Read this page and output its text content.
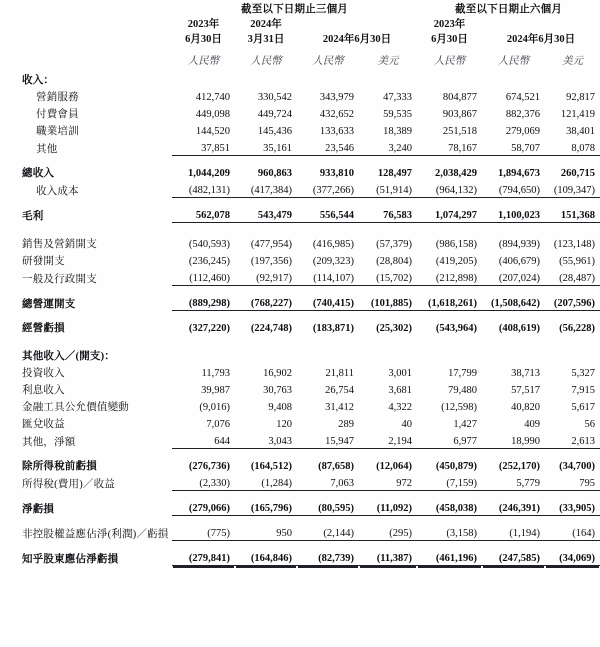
	截至以下日期止三個月				截至以下日期止六個月		
	2023年	2024年			2023年		
	6月30日	3月31日	2024年6月30日		6月30日	2024年6月30日	
	人民幣	人民幣	人民幣	美元	人民幣	人民幣	美元
收入：							
營銷服務	412,740	330,542	343,979	47,333	804,877	674,521	92,817
付費會員	449,098	449,724	432,652	59,535	903,867	882,376	121,419
職業培訓	144,520	145,436	133,633	18,389	251,518	279,069	38,401
其他	37,851	35,161	23,546	3,240	78,167	58,707	8,078

總收入	1,044,209	960,863	933,810	128,497	2,038,429	1,894,673	260,715
收入成本	(482,131)	(417,384)	(377,266)	(51,914)	(964,132)	(794,650)	(109,347)

毛利	562,078	543,479	556,544	76,583	1,074,297	1,100,023	151,368

銷售及營銷開支	(540,593)	(477,954)	(416,985)	(57,379)	(986,158)	(894,939)	(123,148)
研發開支	(236,245)	(197,356)	(209,323)	(28,804)	(419,205)	(406,679)	(55,961)
一般及行政開支	(112,460)	(92,917)	(114,107)	(15,702)	(212,898)	(207,024)	(28,487)

總營運開支	(889,298)	(768,227)	(740,415)	(101,885)	(1,618,261)	(1,508,642)	(207,596)

經營虧損	(327,220)	(224,748)	(183,871)	(25,302)	(543,964)	(408,619)	(56,228)

其他收入／(開支)：							
投資收入	11,793	16,902	21,811	3,001	17,799	38,713	5,327
利息收入	39,987	30,763	26,754	3,681	79,480	57,517	7,915
金融工具公允價值變動	(9,016)	9,408	31,412	4,322	(12,598)	40,820	5,617
匯兌收益	7,076	120	289	40	1,427	409	56
其他，淨額	644	3,043	15,947	2,194	6,977	18,990	2,613

除所得稅前虧損	(276,736)	(164,512)	(87,658)	(12,064)	(450,879)	(252,170)	(34,700)
所得稅(費用)／收益	(2,330)	(1,284)	7,063	972	(7,159)	5,779	795

淨虧損	(279,066)	(165,796)	(80,595)	(11,092)	(458,038)	(246,391)	(33,905)

非控股權益應佔淨(利潤)／虧損	(775)	950	(2,144)	(295)	(3,158)	(1,194)	(164)

知乎股東應佔淨虧損	(279,841)	(164,846)	(82,739)	(11,387)	(461,196)	(247,585)	(34,069)
